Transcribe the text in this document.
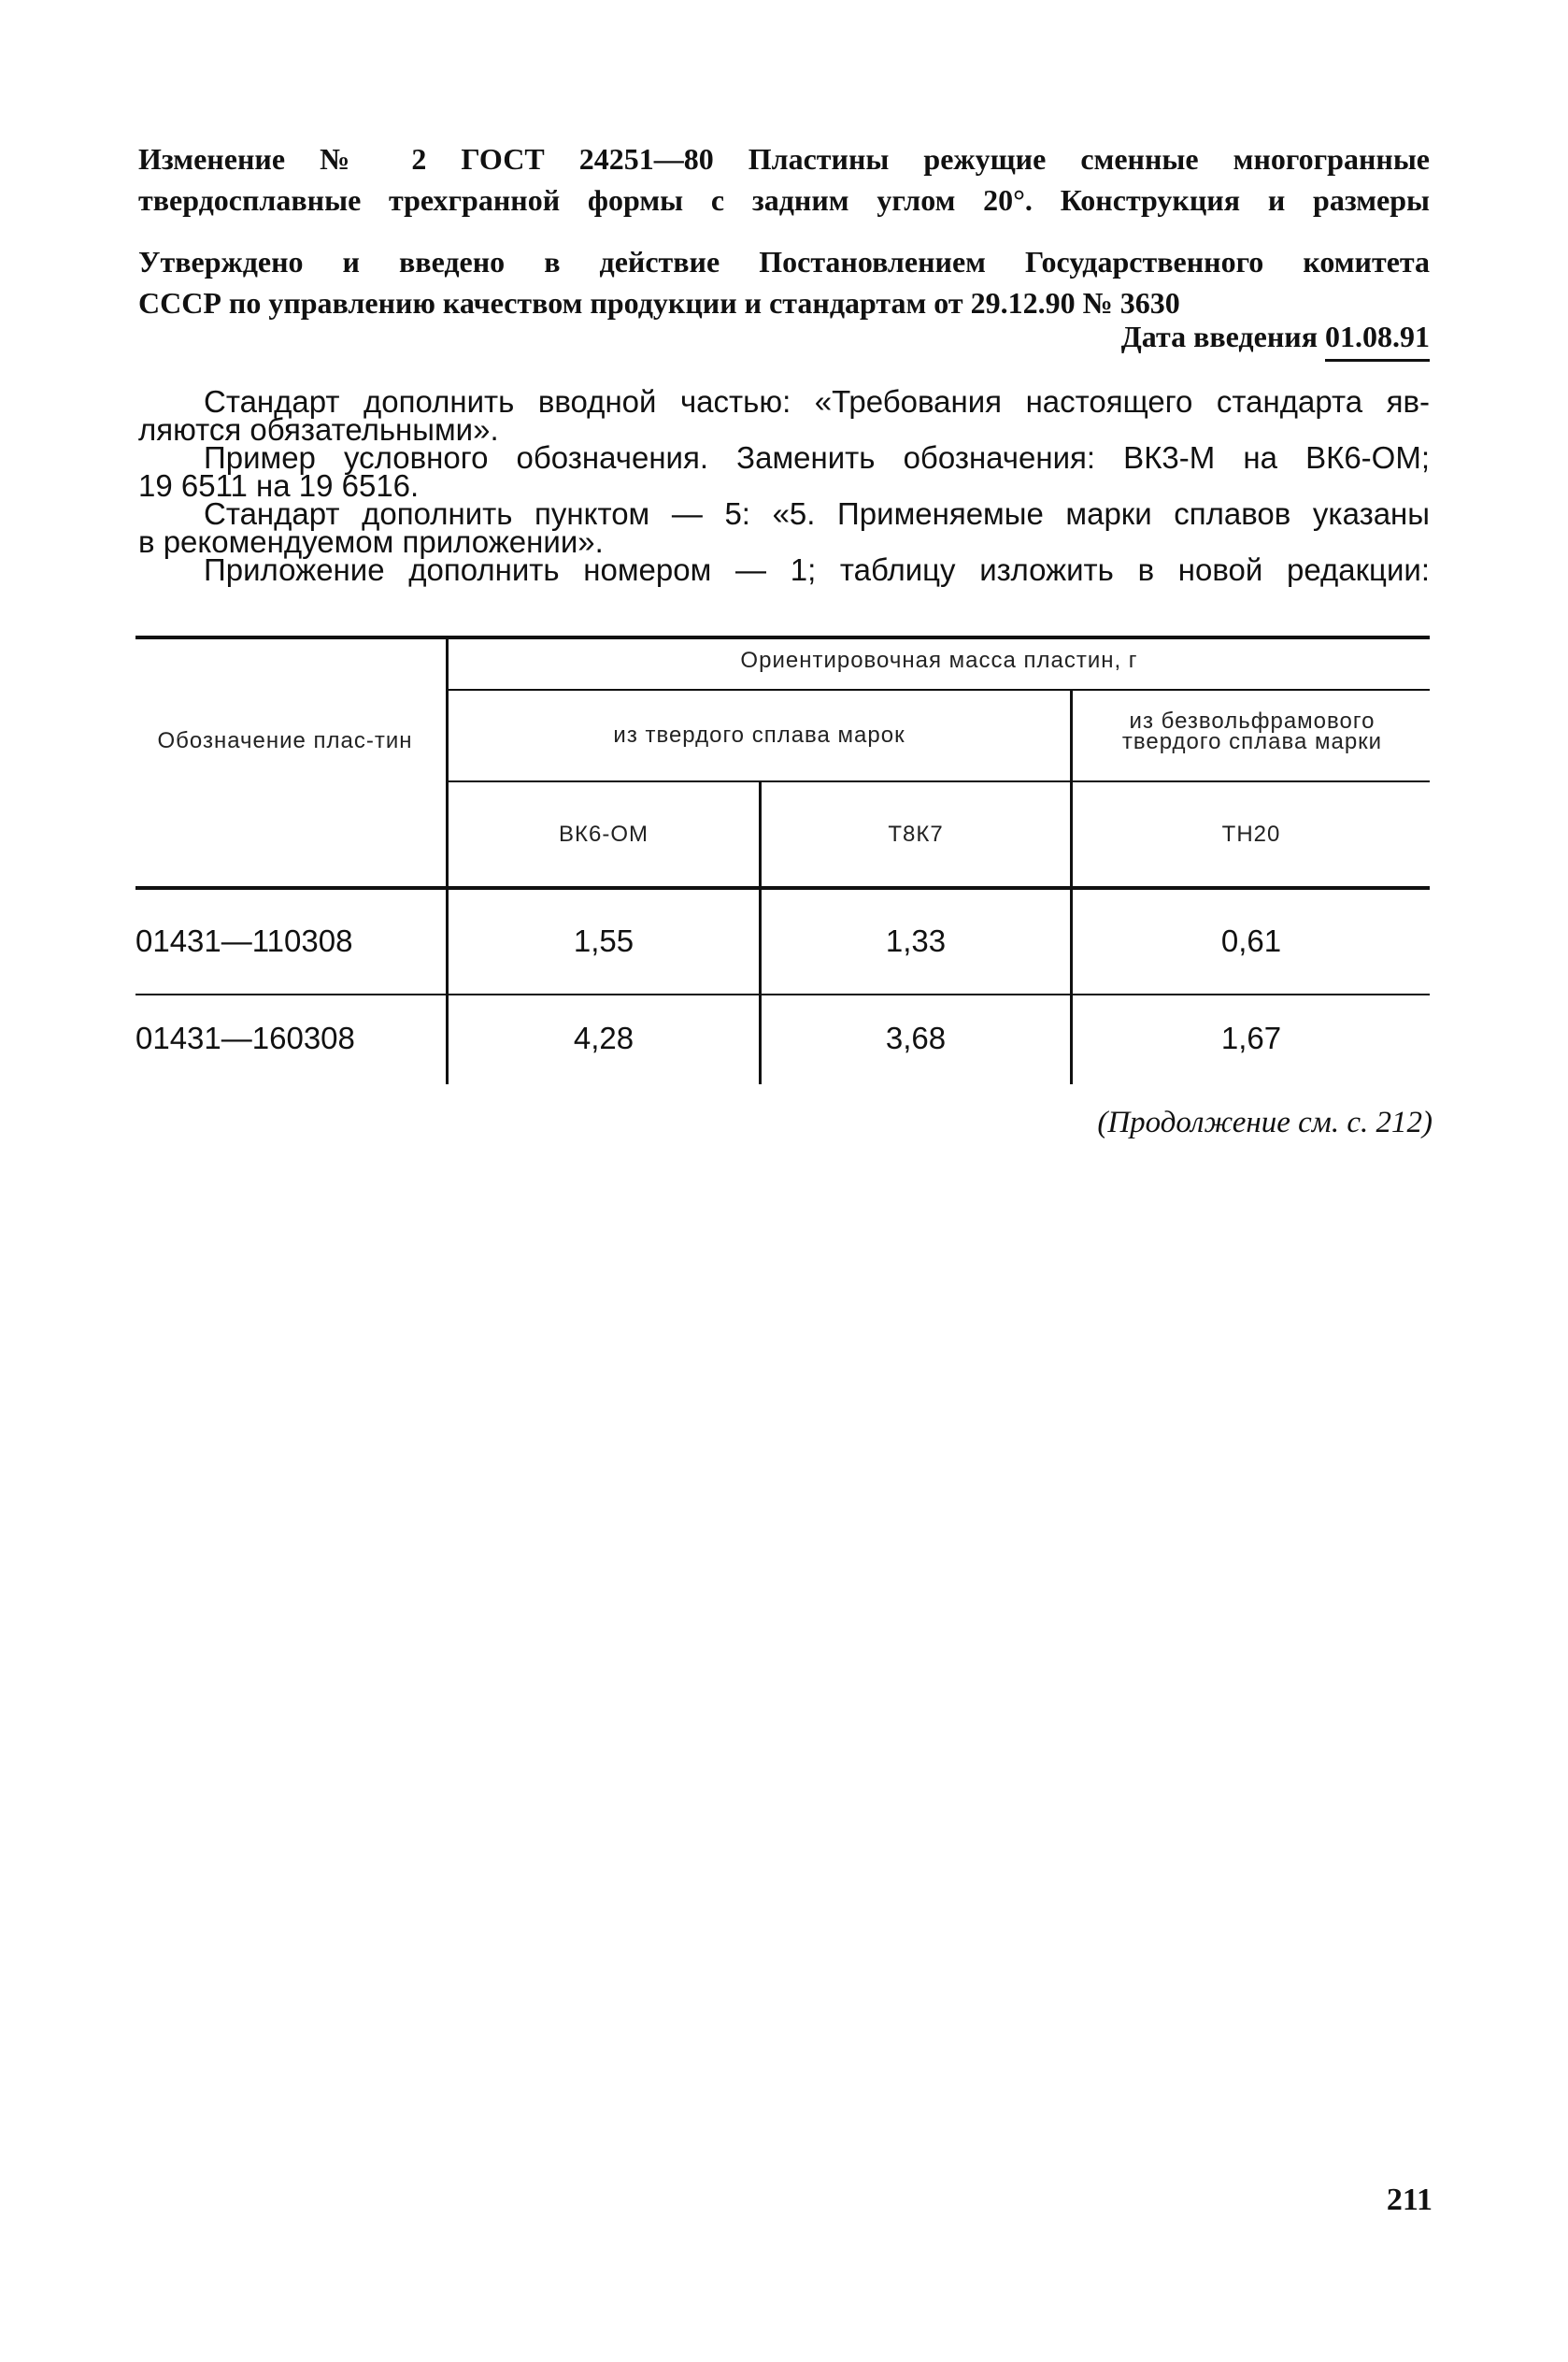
Изменение № 2 ГОСТ 24251—80 Пластины режущие сменные многогранные
твердосплавные трехгранной формы с задним углом 20°. Конструкция и размеры
Утверждено и введено в действие Постановлением Государственного комитета
СССР по управлению качеством продукции и стандартам от 29.12.90 № 3630
Дата введения 01.08.91
Стандарт дополнить вводной частью: «Требования настоящего стандарта яв-
ляются обязательными».
Пример условного обозначения. Заменить обозначения: ВК3-М на ВК6-ОМ;
19 6511 на 19 6516.
Стандарт дополнить пунктом — 5: «5. Применяемые марки сплавов указаны
в рекомендуемом приложении».
Приложение дополнить номером — 1; таблицу изложить в новой редакции:
Обозначение плас-тин
Ориентировочная масса пластин, г
из твердого сплава марок
из безвольфрамового твердого сплава марки
ВК6-ОМ	Т8К7	ТН20
01431—110308	1,55	1,33	0,61
01431—160308	4,28	3,68	1,67
(Продолжение см. с. 212)
211
